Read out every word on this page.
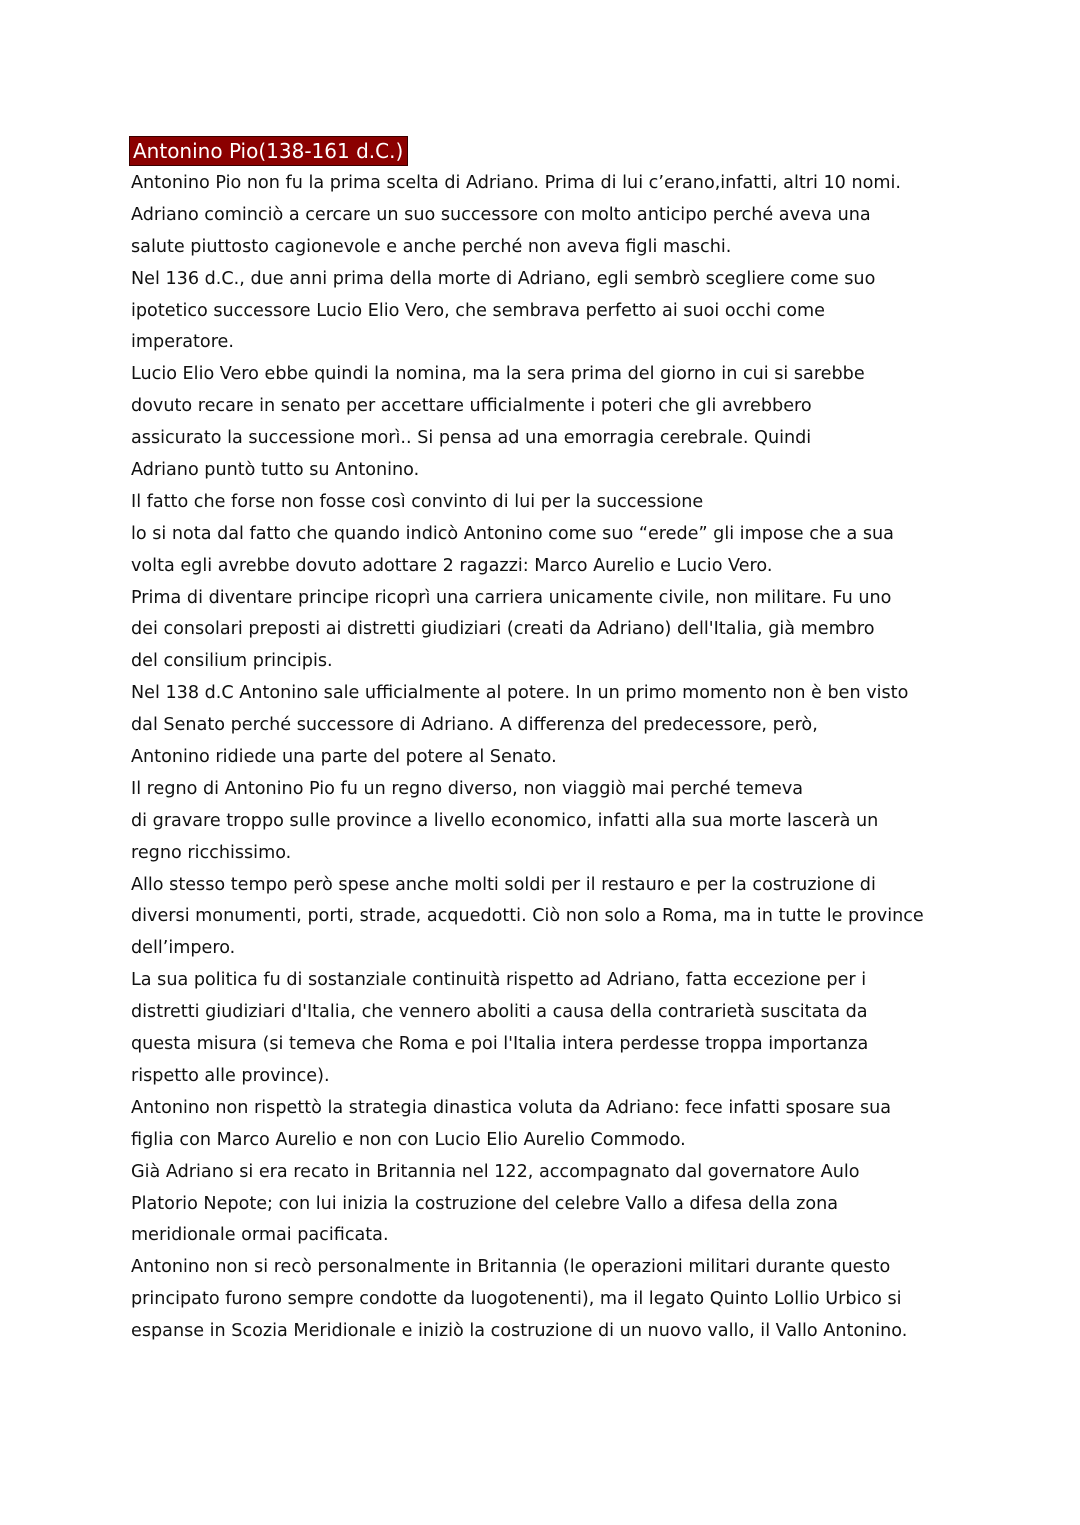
Antonino Pio(138-161 d.C.)
Antonino Pio non fu la prima scelta di Adriano. Prima di lui c’erano,infatti, altri 10 nomi.
Adriano cominciò a cercare un suo successore con molto anticipo perché aveva una
salute piuttosto cagionevole e anche perché non aveva figli maschi.
Nel 136 d.C., due anni prima della morte di Adriano, egli sembrò scegliere come suo
ipotetico successore Lucio Elio Vero, che sembrava perfetto ai suoi occhi come
imperatore.
Lucio Elio Vero ebbe quindi la nomina, ma la sera prima del giorno in cui si sarebbe
dovuto recare in senato per accettare ufficialmente i poteri che gli avrebbero
assicurato la successione morì.. Si pensa ad una emorragia cerebrale. Quindi
Adriano puntò tutto su Antonino.
Il fatto che forse non fosse così convinto di lui per la successione
lo si nota dal fatto che quando indicò Antonino come suo “erede” gli impose che a sua
volta egli avrebbe dovuto adottare 2 ragazzi: Marco Aurelio e Lucio Vero.
Prima di diventare principe ricoprì una carriera unicamente civile, non militare. Fu uno
dei consolari preposti ai distretti giudiziari (creati da Adriano) dell'Italia, già membro
del consilium principis.
Nel 138 d.C Antonino sale ufficialmente al potere. In un primo momento non è ben visto
dal Senato perché successore di Adriano. A differenza del predecessore, però,
Antonino ridiede una parte del potere al Senato.
Il regno di Antonino Pio fu un regno diverso, non viaggiò mai perché temeva
di gravare troppo sulle province a livello economico, infatti alla sua morte lascerà un
regno ricchissimo.
Allo stesso tempo però spese anche molti soldi per il restauro e per la costruzione di
diversi monumenti, porti, strade, acquedotti. Ciò non solo a Roma, ma in tutte le province
dell’impero.
La sua politica fu di sostanziale continuità rispetto ad Adriano, fatta eccezione per i
distretti giudiziari d'Italia, che vennero aboliti a causa della contrarietà suscitata da
questa misura (si temeva che Roma e poi l'Italia intera perdesse troppa importanza
rispetto alle province).
Antonino non rispettò la strategia dinastica voluta da Adriano: fece infatti sposare sua
figlia con Marco Aurelio e non con Lucio Elio Aurelio Commodo.
Già Adriano si era recato in Britannia nel 122, accompagnato dal governatore Aulo
Platorio Nepote; con lui inizia la costruzione del celebre Vallo a difesa della zona
meridionale ormai pacificata.
Antonino non si recò personalmente in Britannia (le operazioni militari durante questo
principato furono sempre condotte da luogotenenti), ma il legato Quinto Lollio Urbico si
espanse in Scozia Meridionale e iniziò la costruzione di un nuovo vallo, il Vallo Antonino.
